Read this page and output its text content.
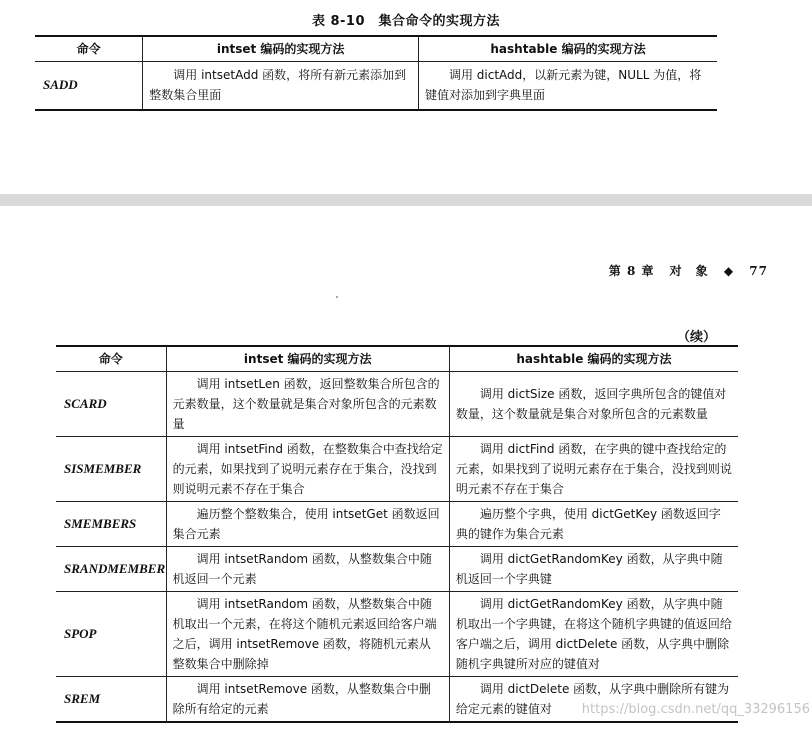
表 8-10　集合命令的实现方法
命令	intset 编码的实现方法	hashtable 编码的实现方法
SADD	调用 intsetAdd 函数，将所有新元素添加到整数集合里面	调用 dictAdd，以新元素为键，NULL 为值，将键值对添加到字典里面
第 8 章 对　象 ◆ 77
（续）
命令	intset 编码的实现方法	hashtable 编码的实现方法
SCARD	调用 intsetLen 函数，返回整数集合所包含的元素数量，这个数量就是集合对象所包含的元素数量	调用 dictSize 函数，返回字典所包含的键值对数量，这个数量就是集合对象所包含的元素数量
SISMEMBER	调用 intsetFind 函数，在整数集合中查找给定的元素，如果找到了说明元素存在于集合，没找到则说明元素不存在于集合	调用 dictFind 函数，在字典的键中查找给定的元素，如果找到了说明元素存在于集合，没找到则说明元素不存在于集合
SMEMBERS	遍历整个整数集合，使用 intsetGet 函数返回集合元素	遍历整个字典，使用 dictGetKey 函数返回字典的键作为集合元素
SRANDMEMBER	调用 intsetRandom 函数，从整数集合中随机返回一个元素	调用 dictGetRandomKey 函数，从字典中随机返回一个字典键
SPOP	调用 intsetRandom 函数，从整数集合中随机取出一个元素，在将这个随机元素返回给客户端之后，调用 intsetRemove 函数，将随机元素从整数集合中删除掉	调用 dictGetRandomKey 函数，从字典中随机取出一个字典键，在将这个随机字典键的值返回给客户端之后，调用 dictDelete 函数，从字典中删除随机字典键所对应的键值对
SREM	调用 intsetRemove 函数，从整数集合中删除所有给定的元素	调用 dictDelete 函数，从字典中删除所有键为给定元素的键值对 https://blog.csdn.net/qq_33296156
